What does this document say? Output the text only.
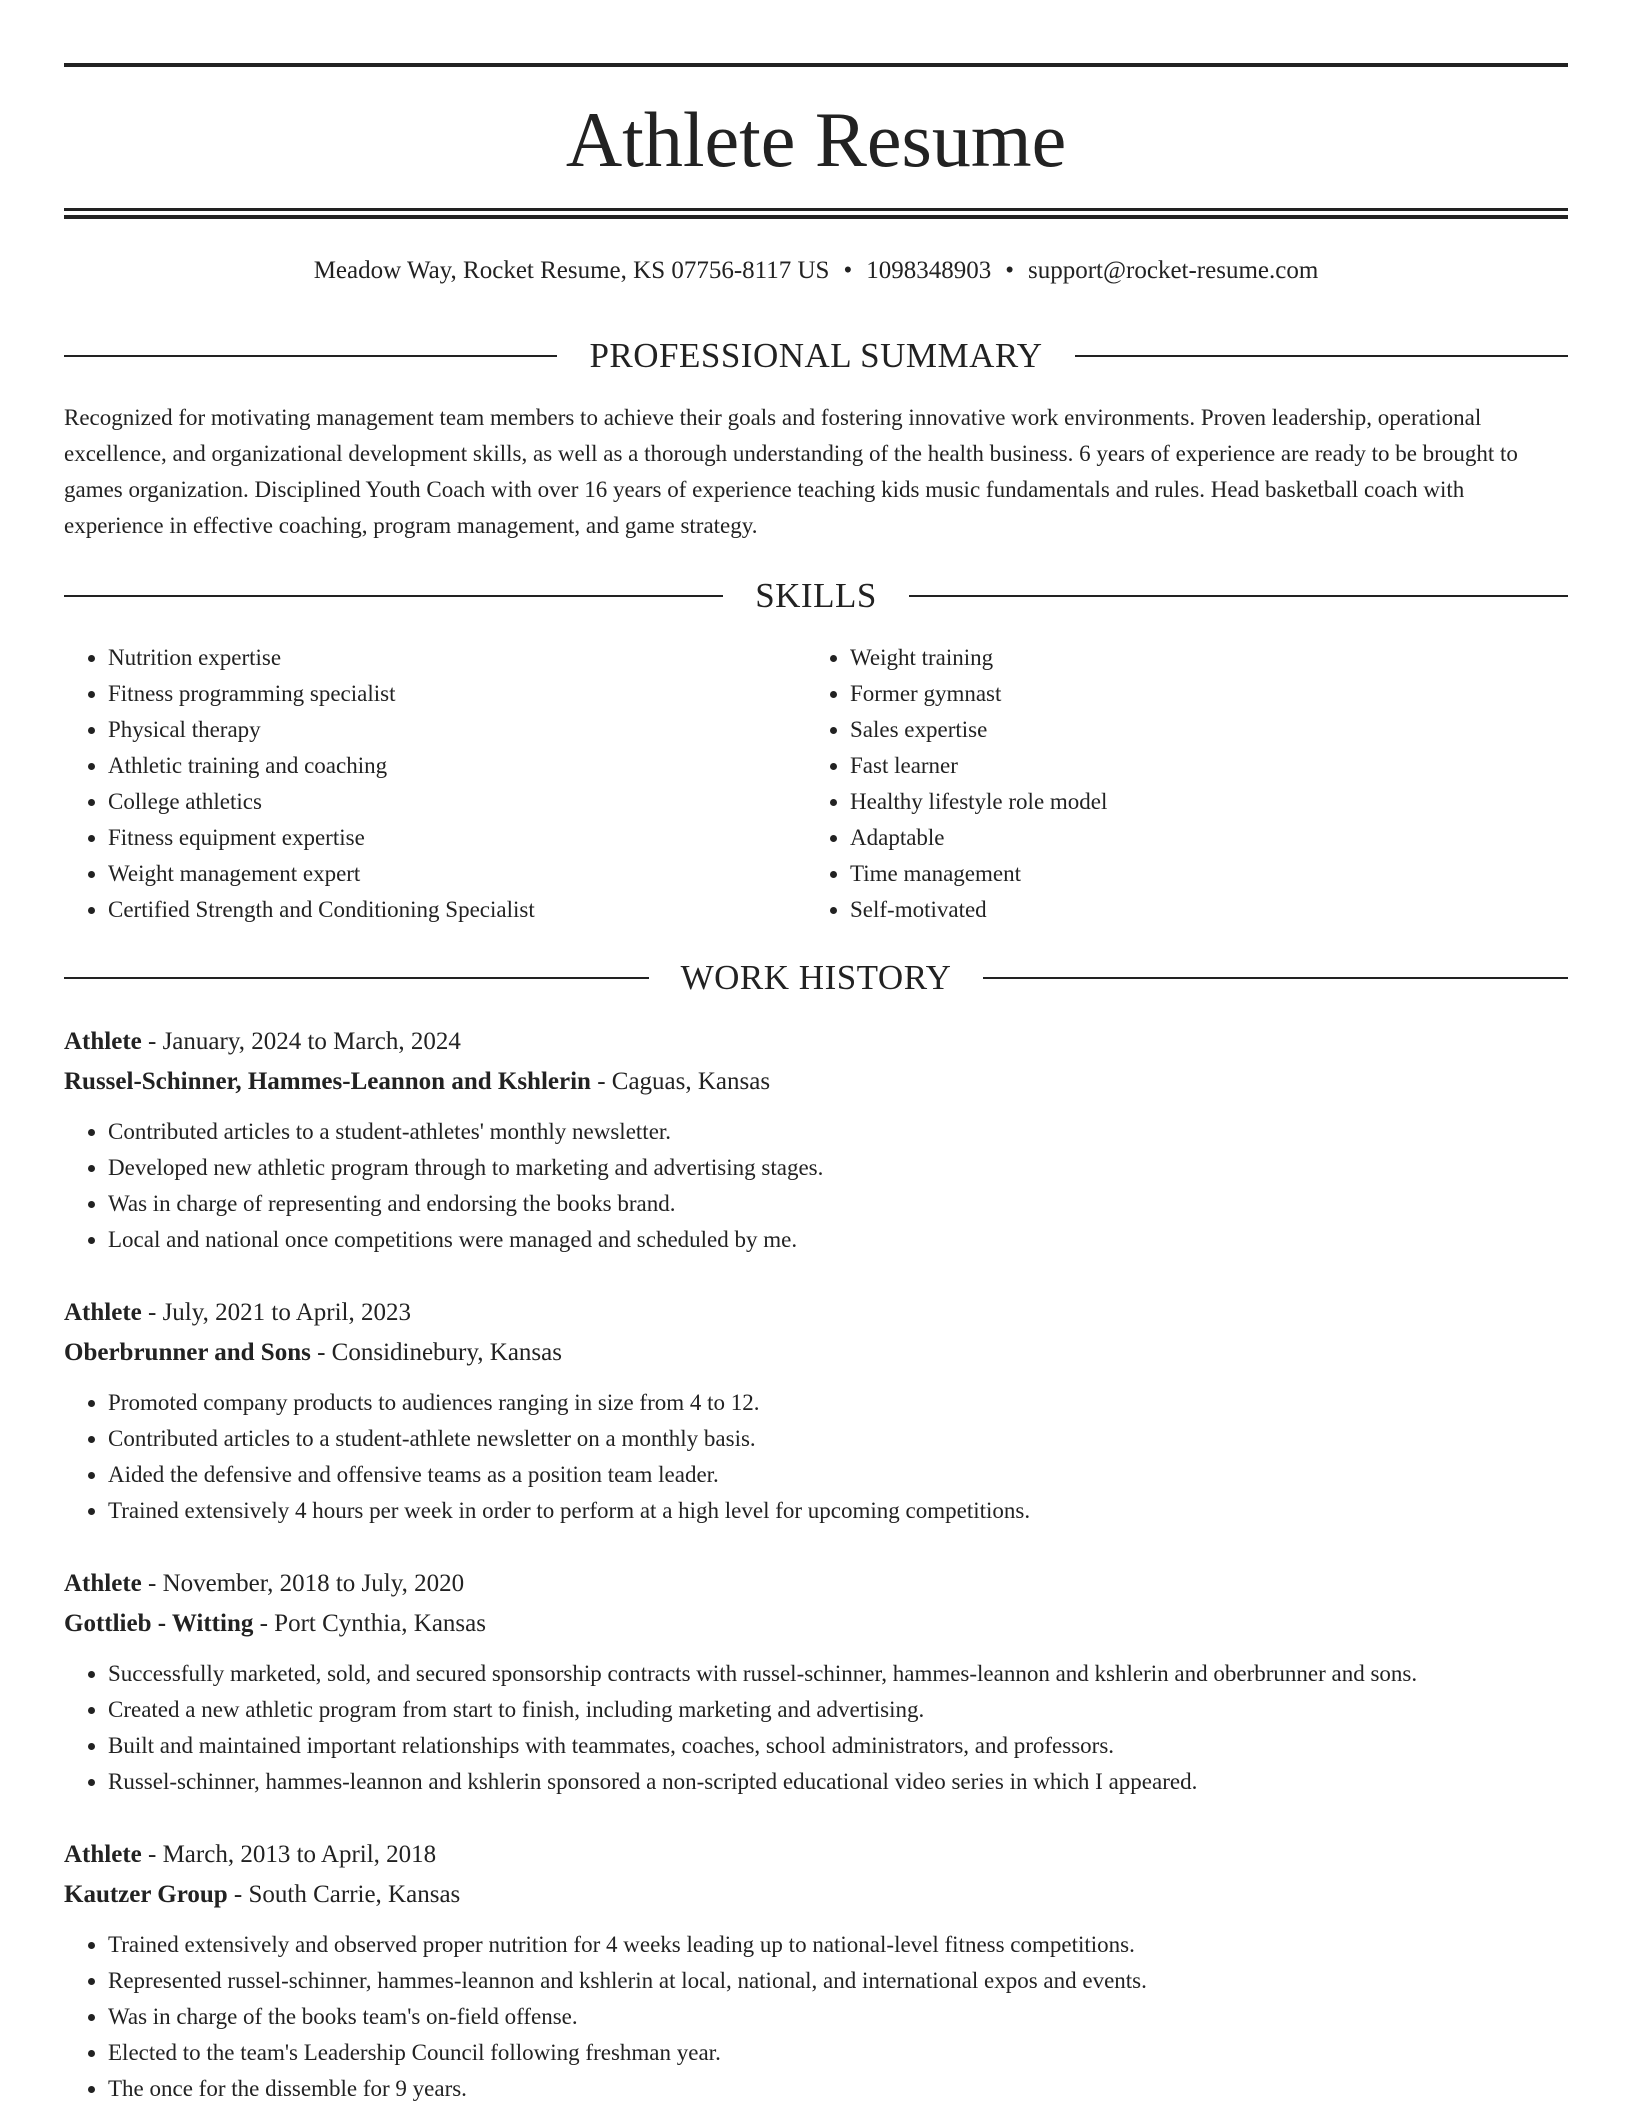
Athlete Resume
Meadow Way, Rocket Resume, KS 07756-8117 US • 1098348903 • support@rocket-resume.com
PROFESSIONAL SUMMARY

Recognized for motivating management team members to achieve their goals and fostering innovative work environments. Proven leadership, operational excellence, and organizational development skills, as well as a thorough understanding of the health business. 6 years of experience are ready to be brought to games organization. Disciplined Youth Coach with over 16 years of experience teaching kids music fundamentals and rules. Head basketball coach with experience in effective coaching, program management, and game strategy.

SKILLS
• Nutrition expertise
• Fitness programming specialist
• Physical therapy
• Athletic training and coaching
• College athletics
• Fitness equipment expertise
• Weight management expert
• Certified Strength and Conditioning Specialist
• Weight training
• Former gymnast
• Sales expertise
• Fast learner
• Healthy lifestyle role model
• Adaptable
• Time management
• Self-motivated
WORK HISTORY
Athlete - January, 2024 to March, 2024
Russel-Schinner, Hammes-Leannon and Kshlerin - Caguas, Kansas
• Contributed articles to a student-athletes' monthly newsletter.
• Developed new athletic program through to marketing and advertising stages.
• Was in charge of representing and endorsing the books brand.
• Local and national once competitions were managed and scheduled by me.
Athlete - July, 2021 to April, 2023
Oberbrunner and Sons - Considinebury, Kansas
• Promoted company products to audiences ranging in size from 4 to 12.
• Contributed articles to a student-athlete newsletter on a monthly basis.
• Aided the defensive and offensive teams as a position team leader.
• Trained extensively 4 hours per week in order to perform at a high level for upcoming competitions.
Athlete - November, 2018 to July, 2020
Gottlieb - Witting - Port Cynthia, Kansas
• Successfully marketed, sold, and secured sponsorship contracts with russel-schinner, hammes-leannon and kshlerin and oberbrunner and sons.
• Created a new athletic program from start to finish, including marketing and advertising.
• Built and maintained important relationships with teammates, coaches, school administrators, and professors.
• Russel-schinner, hammes-leannon and kshlerin sponsored a non-scripted educational video series in which I appeared.
Athlete - March, 2013 to April, 2018
Kautzer Group - South Carrie, Kansas
• Trained extensively and observed proper nutrition for 4 weeks leading up to national-level fitness competitions.
• Represented russel-schinner, hammes-leannon and kshlerin at local, national, and international expos and events.
• Was in charge of the books team's on-field offense.
• Elected to the team's Leadership Council following freshman year.
• The once for the dissemble for 9 years.
